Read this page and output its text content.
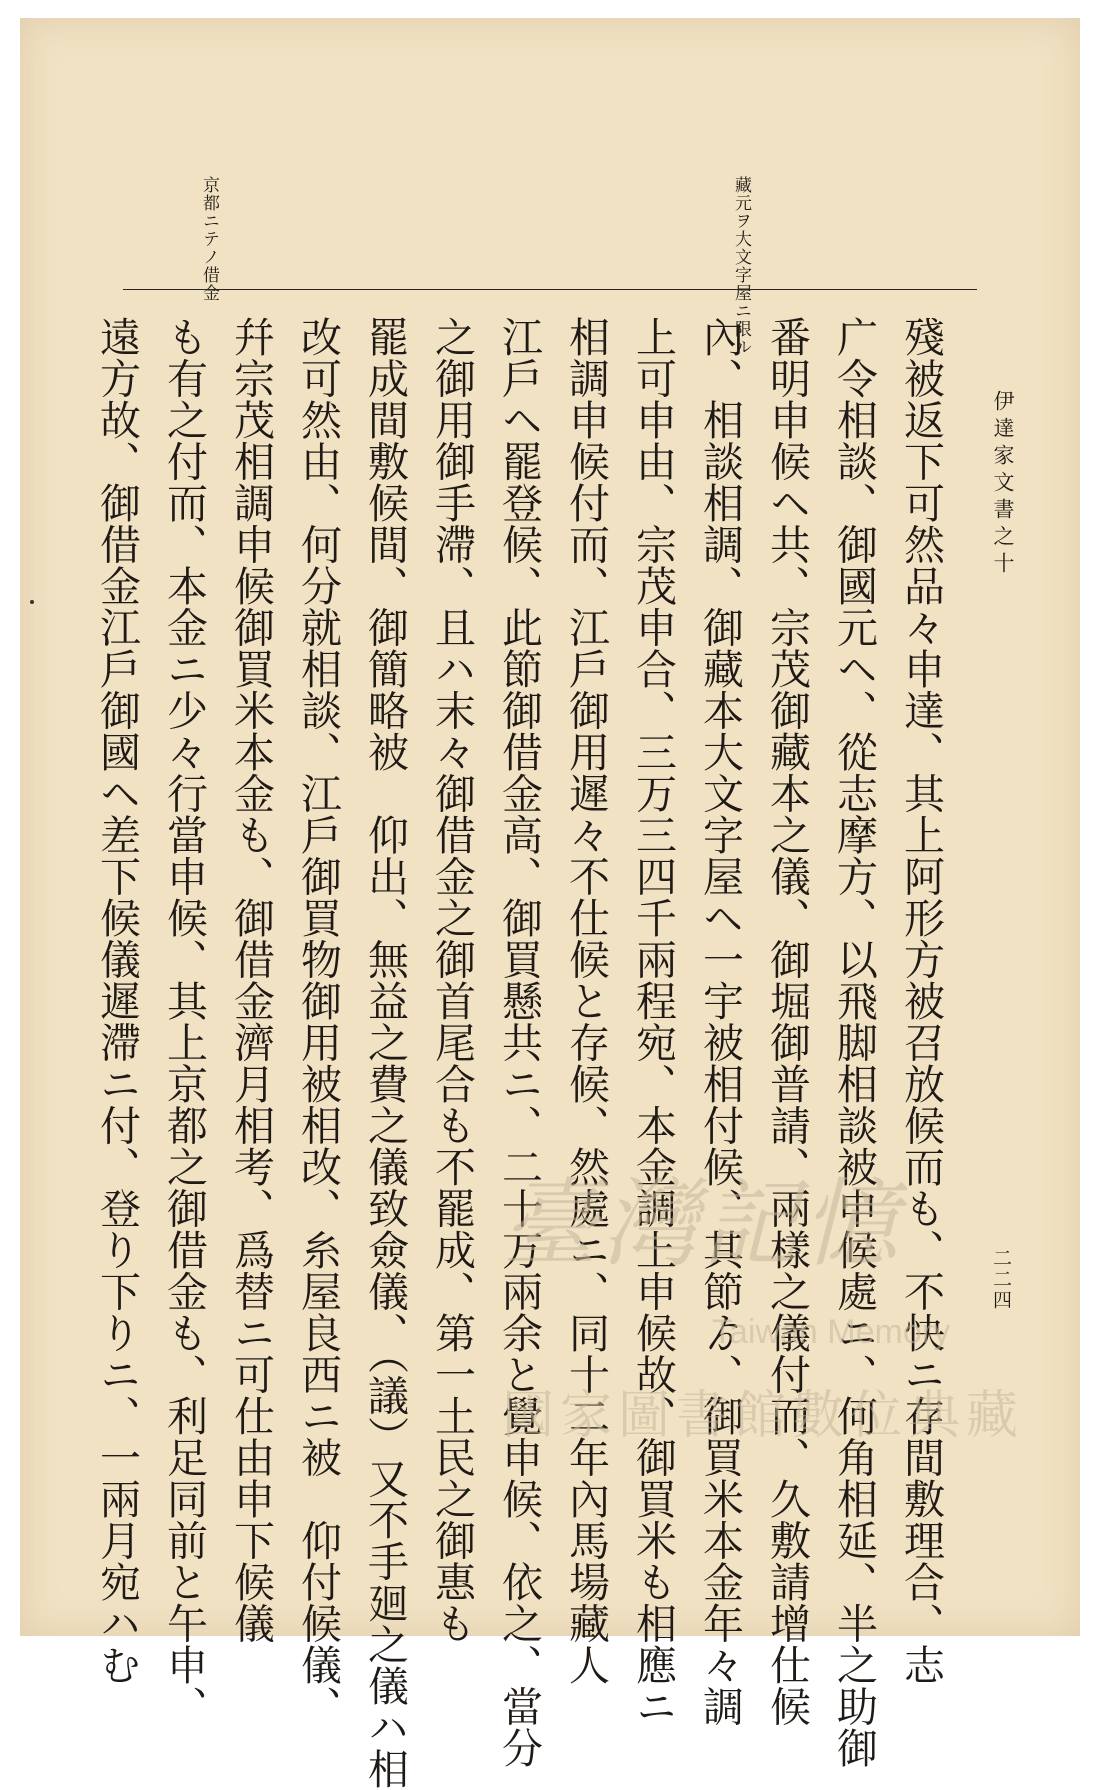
伊達家文書之十
二二四
藏元ヲ大文字屋ニ限ル
京都ニテノ借金
殘被返下可然品々申達、其上阿形方被召放候而も、不快ニ存間敷理合、志
广令相談、御國元ヘ、從志摩方、以飛脚相談被申候處ニ、何角相延、半之助御
番明申候ヘ共、宗茂御藏本之儀、御堀御普請、兩樣之儀付而、久敷請增仕候
內、相談相調、御藏本大文字屋ヘ一宇被相付候、其節ゟ、御買米本金年々調
上可申由、宗茂申合、三万三四千兩程宛、本金調上申候故、御買米も相應ニ
相調申候付而、江戶御用遲々不仕候と存候、然處ニ、同十二年內馬場藏人
江戶ヘ罷登候、此節御借金高、御買懸共ニ、二十万兩余と覺申候、依之、當分
之御用御手滯、且ハ末々御借金之御首尾合も不罷成、第一土民之御惠も
罷成間敷候間、御簡略被　仰出、無益之費之儀致僉儀、（議）又不手廻之儀ハ相
改可然由、何分就相談、江戶御買物御用被相改、糸屋良西ニ被　仰付候儀、
幷宗茂相調申候御買米本金も、御借金濟月相考、爲替ニ可仕由申下候儀
も有之付而、本金ニ少々行當申候、其上京都之御借金も、利足同前と午申、
遠方故、御借金江戶御國ヘ差下候儀遲滯ニ付、登り下りニ、一兩月宛ハむ	臺灣記憶
Taiwan Memory
國家圖書館數位典藏
